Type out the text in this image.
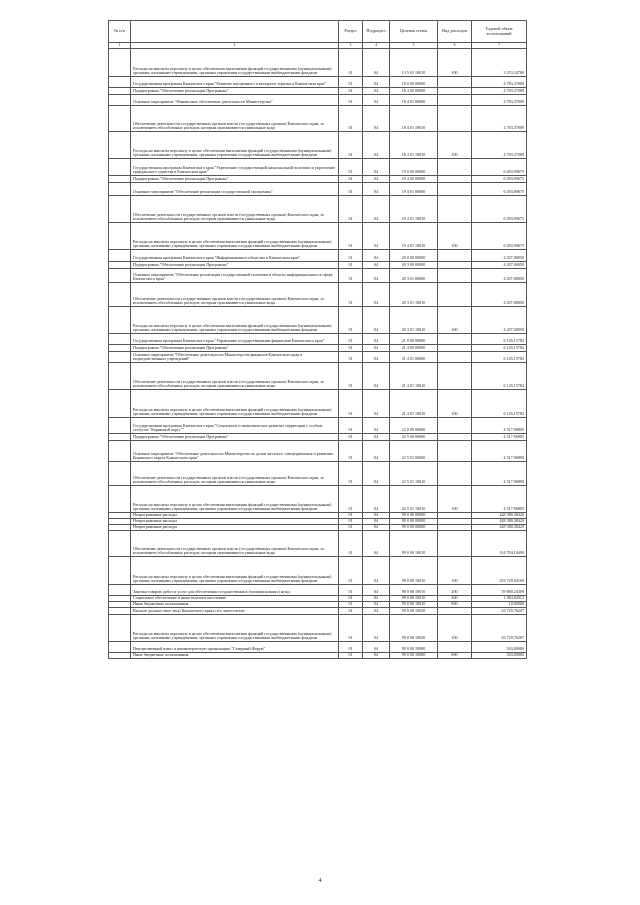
№ п/п		Раздел	Подраздел	Целевая статья	Вид расходов	Годовой объем ассигнований
1	2	3	4	5	6	7
	Расходы на выплаты персоналу в целях обеспечения выполнения функций государственными (муниципальными) органами, казенными учреждениями, органами управления государственными внебюджетными фондами	01	04	13 5 01 10010	100	3 253,34780
	Государственная программа Камчатского края "Развитие внутреннего и въездного туризма в Камчатском крае"	01	04	18 0 00 00000		4 783,37009
	Подпрограмма "Обеспечение реализации Программы"	01	04	18 4 00 00000		4 783,37009
	Основное мероприятие "Финансовое обеспечение деятельности Министерства"	01	04	18 4 01 00000		4 783,37009
	Обеспечение деятельности государственных органов власти (государственных органов) Камчатского края, за исключением обособленных расходов, которым присваиваются уникальные коды	01	04	18 4 01 10010		4 783,37009
	Расходы на выплаты персоналу в целях обеспечения выполнения функций государственными (муниципальными) органами, казенными учреждениями, органами управления государственными внебюджетными фондами	01	04	18 4 01 10010	100	4 783,37009
	Государственная программа Камчатского края "Укрепление государственной национальной политики и укрепление гражданского единства в Камчатском крае"	01	04	19 0 00 00000		6 493,90675
	Подпрограмма "Обеспечение реализации Программы"	01	04	19 4 00 00000		6 493,90675
	Основное мероприятие "Обеспечение реализации государственной программы"	01	04	19 4 01 00000		6 493,90675
	Обеспечение деятельности государственных органов власти (государственных органов) Камчатского края, за исключением обособленных расходов, которым присваиваются уникальные коды	01	04	19 4 01 10010		6 493,90675
	Расходы на выплаты персоналу в целях обеспечения выполнения функций государственными (муниципальными) органами, казенными учреждениями, органами управления государственными внебюджетными фондами	01	04	19 4 01 10010	100	6 493,90675
	Государственная программа Камчатского края "Информационное общество в Камчатском крае"	01	04	20 0 00 00000		4 207,00050
	Подпрограмма "Обеспечение реализации Программы"	01	04	20 3 00 00000		4 207,00050
	Основное мероприятие "Обеспечение реализации государственной политики в области информационного в сфере Камчатского края"	01	04	20 3 01 00000		4 207,00050
	Обеспечение деятельности государственных органов власти (государственных органов) Камчатского края, за исключением обособленных расходов, которым присваиваются уникальные коды	01	04	20 3 01 10010		4 207,00050
	Расходы на выплаты персоналу в целях обеспечения выполнения функций государственными (муниципальными) органами, казенными учреждениями, органами управления государственными внебюджетными фондами	01	04	20 3 01 10010	100	4 207,00050
	Государственная программа Камчатского края "Управление государственными финансами Камчатского края"	01	04	21 0 00 00000		6 145,15782
	Подпрограмма "Обеспечение реализации Программы"	01	04	21 4 00 00000		6 145,15782
	Основное мероприятие "Обеспечение деятельности Министерства финансов Камчатского края и подведомственных учреждений"	01	04	21 4 01 00000		6 145,15782
	Обеспечение деятельности государственных органов власти (государственных органов) Камчатского края, за исключением обособленных расходов, которым присваиваются уникальные коды	01	04	21 4 01 10010		6 145,15782
	Расходы на выплаты персоналу в целях обеспечения выполнения функций государственными (муниципальными) органами, казенными учреждениями, органами управления государственными внебюджетными фондами	01	04	21 4 01 10010	100	6 145,15782
	Государственная программа Камчатского края "Социальное и экономическое развитие территории с особым статусом "Корякский округ""	01	04	22 0 00 00000		4 317,96805
	Подпрограмма "Обеспечение реализации Программы"	01	04	22 5 00 00000		4 317,96805
	Основное мероприятие "Обеспечение деятельности Министерства по делам местного самоуправления и развитию Корякского округа Камчатского края"	01	04	22 5 01 00000		4 317,96805
	Обеспечение деятельности государственных органов власти (государственных органов) Камчатского края, за исключением обособленных расходов, которым присваиваются уникальные коды	01	04	22 5 01 10010		4 317,96805
	Расходы на выплаты персоналу в целях обеспечения выполнения функций государственными (муниципальными) органами, казенными учреждениями, органами управления государственными внебюджетными фондами	01	04	22 5 01 10010	100	4 317,96805
	Непрограммные расходы	01	04	99 0 00 00000		428 380,38420
	Непрограммные расходы	01	04	99 0 00 00000		428 380,38420
	Непрограммные расходы	01	04	99 0 00 00000		428 380,38420
	Обеспечение деятельности государственных органов власти (государственных органов) Камчатского края, за исключением обособленных расходов, которым присваиваются уникальные коды	01	04	99 0 00 10010		314 704,10490
	Расходы на выплаты персоналу в целях обеспечения выполнения функций государственными (муниципальными) органами, казенными учреждениями, органами управления государственными внебюджетными фондами	01	04	99 0 00 10010	100	253 729,04169
	Закупка товаров, работ и услуг для обеспечения государственных (муниципальных) нужд	01	04	99 0 00 10010	200	59 880,24309
	Социальное обеспечение и иные выплаты населению	01	04	99 0 00 10010	300	1 084,82012
	Иные бюджетные ассигнования	01	04	99 0 00 10010	800	10,00000
	Высшее должностное лицо Камчатского края и его заместители	01	04	99 0 00 10020		63 729,76207
	Расходы на выплаты персоналу в целях обеспечения выполнения функций государственными (муниципальными) органами, казенными учреждениями, органами управления государственными внебюджетными фондами	01	04	99 0 00 10020	100	63 729,76207
	Имущественный взнос в некоммерческую организацию "Северный Форум"	01	04	99 0 00 10080		543,00000
	Иные бюджетные ассигнования	01	04	99 0 00 10080	800	543,00000
4
